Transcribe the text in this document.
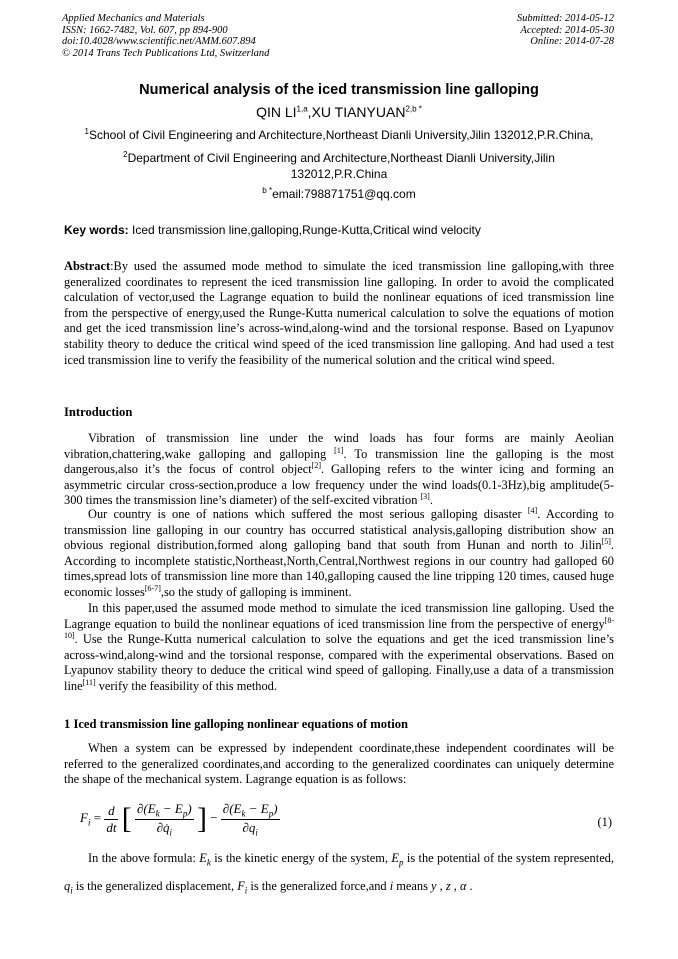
Applied Mechanics and Materials
ISSN: 1662-7482, Vol. 607, pp 894-900
doi:10.4028/www.scientific.net/AMM.607.894
© 2014 Trans Tech Publications Ltd, Switzerland
Submitted: 2014-05-12
Accepted: 2014-05-30
Online: 2014-07-28
Numerical analysis of the iced transmission line galloping
QIN LI$^{1,a}$,XU $TIANYUAN^{2,b *}$
$^1$School of Civil Engineering and Architecture,Northeast Dianli University,Jilin 132012,P.R.China,
$^2$Department of Civil Engineering and Architecture,Northeast Dianli University,Jilin 132012,P.R.China
$^{b *}$email:798871751@qq.com
Key words: Iced transmission line,galloping,Runge-Kutta,Critical wind velocity

Abstract:By used the assumed mode method to simulate the iced transmission line galloping,with three generalized coordinates to represent the iced transmission line galloping. In order to avoid the complicated calculation of vector,used the Lagrange equation to build the nonlinear equations of iced transmission line from the perspective of energy,used the Runge-Kutta numerical calculation to solve the equations of motion and get the iced transmission line’s across-wind,along-wind and the torsional response. Based on Lyapunov stability theory to deduce the critical wind speed of the iced transmission line galloping. And had used a test iced transmission line to verify the feasibility of the numerical solution and the critical wind speed.

Introduction

Vibration of transmission line under the wind loads has four forms are mainly Aeolian vibration,chattering,wake galloping and galloping [1]. To transmission line the galloping is the most dangerous,also it’s the focus of control object[2]. Galloping refers to the winter icing and forming an asymmetric circular cross-section,produce a low frequency under the wind loads(0.1-3Hz),big amplitude(5-300 times the transmission line’s diameter) of the self-excited vibration [3].

Our country is one of nations which suffered the most serious galloping disaster [4]. According to transmission line galloping in our country has occurred statistical analysis,galloping distribution show an obvious regional distribution,formed along galloping band that south from Hunan and north to Jilin[5]. According to incomplete statistic,Northeast,North,Central,Northwest regions in our country had galloped 60 times,spread lots of transmission line more than 140,galloping caused the line tripping 120 times, caused huge economic losses[6-7],so the study of galloping is imminent.

In this paper,used the assumed mode method to simulate the iced transmission line galloping. Used the Lagrange equation to build the nonlinear equations of iced transmission line from the perspective of energy[8-10]. Use the Runge-Kutta numerical calculation to solve the equations and get the iced transmission line’s across-wind,along-wind and the torsional response, compared with the experimental observations. Based on Lyapunov stability theory to deduce the critical wind speed of galloping. Finally,use a data of a transmission line[11] verify the feasibility of this method.

1 Iced transmission line galloping nonlinear equations of motion

When a system can be expressed by independent coordinate,these independent coordinates will be referred to the generalized coordinates,and according to the generalized coordinates can uniquely determine the shape of the mechanical system. Lagrange equation is as follows:

$F_i = \frac{d}{dt}$ [ $\frac{\partial(E_k - E_p)}{\partial q̇_i}$ ] − $\frac{\partial(E_k - E_p)}{\partial q_i}$	(1)

In the above formula: $E_k$ is the kinetic energy of the system, $E_p$ is the potential of the system represented, $q_i$ is the generalized displacement, $F_i$ is the generalized force,and i means y , z , α .
